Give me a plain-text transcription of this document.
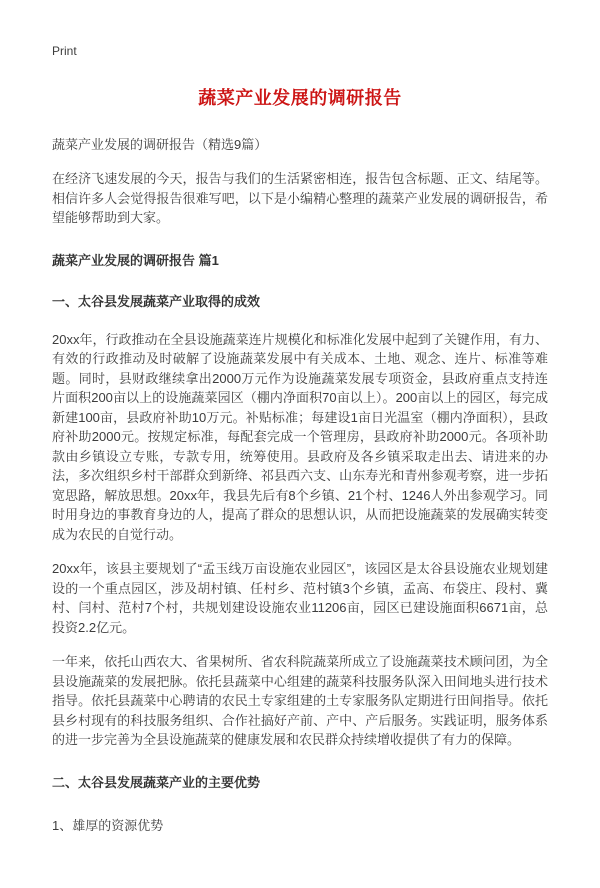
Print
蔬菜产业发展的调研报告
蔬菜产业发展的调研报告（精选9篇）

在经济飞速发展的今天，报告与我们的生活紧密相连，报告包含标题、正文、结尾等。相信许多人会觉得报告很难写吧，以下是小编精心整理的蔬菜产业发展的调研报告，希望能够帮助到大家。

蔬菜产业发展的调研报告 篇1
一、太谷县发展蔬菜产业取得的成效

20xx年，行政推动在全县设施蔬菜连片规模化和标准化发展中起到了关键作用，有力、有效的行政推动及时破解了设施蔬菜发展中有关成本、土地、观念、连片、标准等难题。同时，县财政继续拿出2000万元作为设施蔬菜发展专项资金，县政府重点支持连片面积200亩以上的设施蔬菜园区（棚内净面积70亩以上）。200亩以上的园区，每完成新建100亩，县政府补助10万元。补贴标准；每建设1亩日光温室（棚内净面积），县政府补助2000元。按规定标准，每配套完成一个管理房，县政府补助2000元。各项补助款由乡镇设立专账，专款专用，统筹使用。县政府及各乡镇采取走出去、请进来的办法，多次组织乡村干部群众到新绛、祁县西六支、山东寿光和青州参观考察，进一步拓宽思路，解放思想。20xx年，我县先后有8个乡镇、21个村、1246人外出参观学习。同时用身边的事教育身边的人，提高了群众的思想认识，从而把设施蔬菜的发展确实转变成为农民的自觉行动。

20xx年，该县主要规划了“孟玉线万亩设施农业园区”，该园区是太谷县设施农业规划建设的一个重点园区，涉及胡村镇、任村乡、范村镇3个乡镇，孟高、布袋庄、段村、冀村、闫村、范村7个村，共规划建设设施农业11206亩，园区已建设施面积6671亩，总投资2.2亿元。

一年来，依托山西农大、省果树所、省农科院蔬菜所成立了设施蔬菜技术顾问团，为全县设施蔬菜的发展把脉。依托县蔬菜中心组建的蔬菜科技服务队深入田间地头进行技术指导。依托县蔬菜中心聘请的农民土专家组建的土专家服务队定期进行田间指导。依托县乡村现有的科技服务组织、合作社搞好产前、产中、产后服务。实践证明，服务体系的进一步完善为全县设施蔬菜的健康发展和农民群众持续增收提供了有力的保障。

二、太谷县发展蔬菜产业的主要优势
1、雄厚的资源优势
